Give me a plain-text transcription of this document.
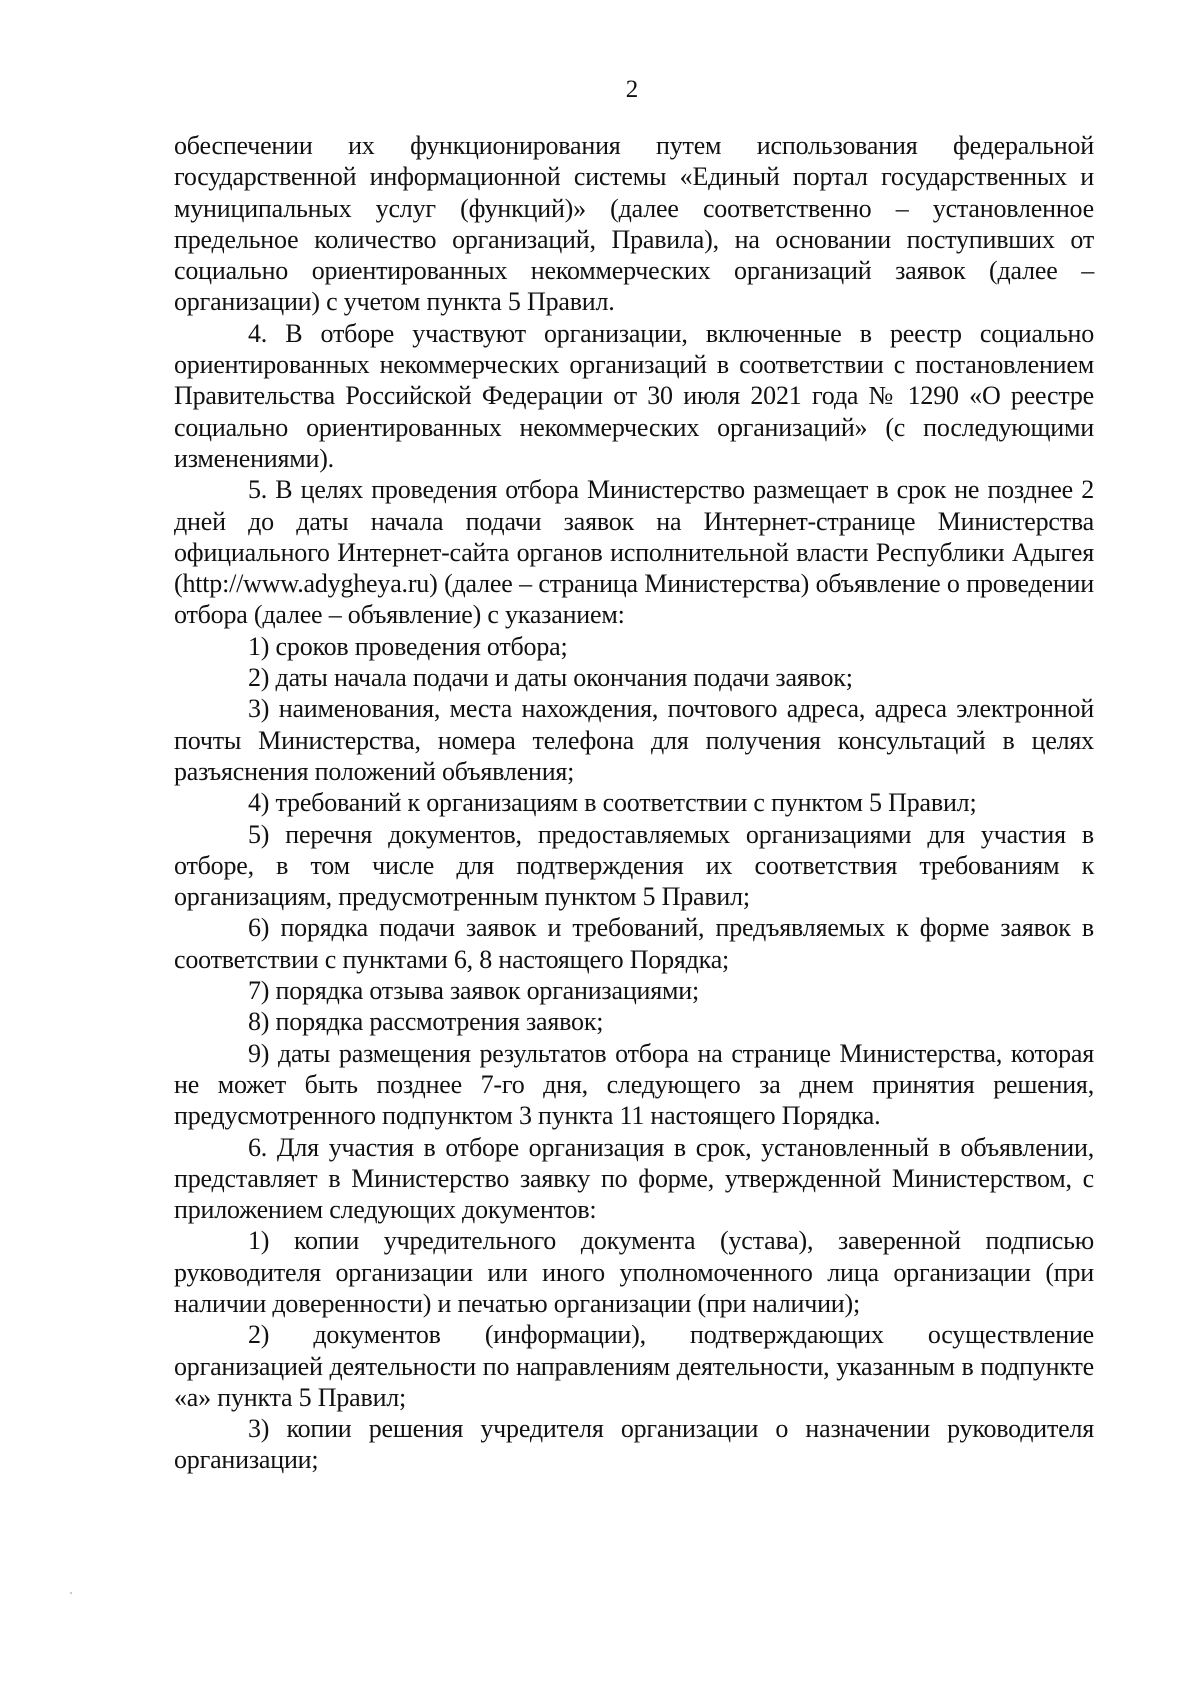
2

обеспечении их функционирования путем использования федеральной государственной информационной системы «Единый портал государственных и муниципальных услуг (функций)» (далее соответственно – установленное предельное количество организаций, Правила), на основании поступивших от социально ориентированных некоммерческих организаций заявок (далее – организации) с учетом пункта 5 Правил.

4. В отборе участвуют организации, включенные в реестр социально ориентированных некоммерческих организаций в соответствии с постановлением Правительства Российской Федерации от 30 июля 2021 года № 1290 «О реестре социально ориентированных некоммерческих организаций» (с последующими изменениями).

5. В целях проведения отбора Министерство размещает в срок не позднее 2 дней до даты начала подачи заявок на Интернет-странице Министерства официального Интернет-сайта органов исполнительной власти Республики Адыгея (http://www.adygheya.ru) (далее – страница Министерства) объявление о проведении отбора (далее – объявление) с указанием:

1) сроков проведения отбора;

2) даты начала подачи и даты окончания подачи заявок;

3) наименования, места нахождения, почтового адреса, адреса электронной почты Министерства, номера телефона для получения консультаций в целях разъяснения положений объявления;

4) требований к организациям в соответствии с пунктом 5 Правил;

5) перечня документов, предоставляемых организациями для участия в отборе, в том числе для подтверждения их соответствия требованиям к организациям, предусмотренным пунктом 5 Правил;

6) порядка подачи заявок и требований, предъявляемых к форме заявок в соответствии с пунктами 6, 8 настоящего Порядка;

7) порядка отзыва заявок организациями;

8) порядка рассмотрения заявок;

9) даты размещения результатов отбора на странице Министерства, которая не может быть позднее 7-го дня, следующего за днем принятия решения, предусмотренного подпунктом 3 пункта 11 настоящего Порядка.

6. Для участия в отборе организация в срок, установленный в объявлении, представляет в Министерство заявку по форме, утвержденной Министерством, с приложением следующих документов:

1) копии учредительного документа (устава), заверенной подписью руководителя организации или иного уполномоченного лица организации (при наличии доверенности) и печатью организации (при наличии);

2) документов (информации), подтверждающих осуществление организацией деятельности по направлениям деятельности, указанным в подпункте «а» пункта 5 Правил;

3) копии решения учредителя организации о назначении руководителя организации;
